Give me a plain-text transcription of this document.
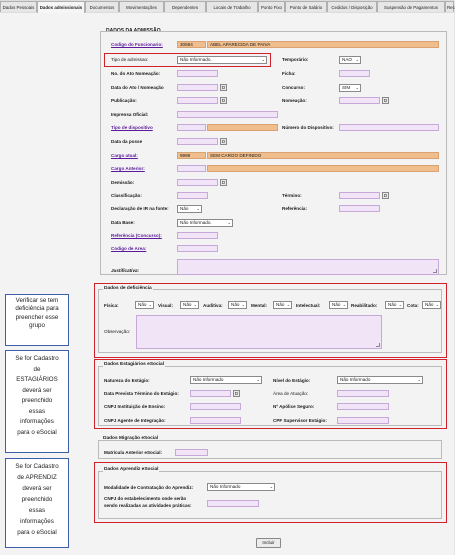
Dados Pessoais	Dados admissionais	Documentos	Movimentações	Dependentes	Locais de Trabalho	Ponto Fixo	Ponto de Salário	Cedidos / Disposição	Suspensão de Pagamentos	Rec
DADOS DA ADMISSÃO
Codigo do Funcionario:	30594	ABEL APARECIDA DE PAIVA
Tipo de admissao:	Não Informado.	⌄	Temporário:	NAO ⌄
No. do Ato Nomeação:	Ficha:
Data do Ato / Nomeação	D	Concurso:	SIM ⌄
Publicação:	D	Nomeação:	D
Imprensa Oficial:
Tipo de dispositivo	Número do Dispositivo:
Data da posse	D
Cargo atual:	9999	SEM CARGO DEFINIDO
Cargo Anterior:
Demissão:	D
Classificação:	Término:	D
Declaração de IR na fonte:	Não ⌄	Referência:
Data Base:	Não Informado.	⌄
Referência (Concurso):
Codigo de Area:
Justificativa:
Dados de deficiência
Física:	Não ⌄ Visual:	Não ⌄ Auditiva:	Não ⌄ Mental:	Não ⌄ Intelectual:	Não ⌄ Reabilitado:	Não ⌄ Cota:	Não ⌄
Observação:
Dados Estagiários eSocial
Natureza do Estágio:	Não Informado	⌄	Nível do Estágio:	Não Informado	⌄
Data Prevista Término do Estágio:	D	Área de Atuação:
CNPJ Instituição de Ensino:	Nº Apólice Seguro:
CNPJ Agente de Integração:	CPF Supervisor Estágio:
Dados Migração eSocial
Matrícula Anterior eSocial:
Dados Aprendiz eSocial
Modalidade de Contratação do Aprendiz:	Não Informado	⌄
CNPJ do estabelecimento onde serão
sendo realizadas as atividades práticas:
Incluir
Verificar se tem
deficiência para
preencher esse
grupo
Se for Cadastro
de
ESTAGIÁRIOS
deverá ser
preenchido
essas
informações
para o eSocial
Se for Cadastro
de APRENDIZ
deverá ser
preenchido
essas
informações
para o eSocial
